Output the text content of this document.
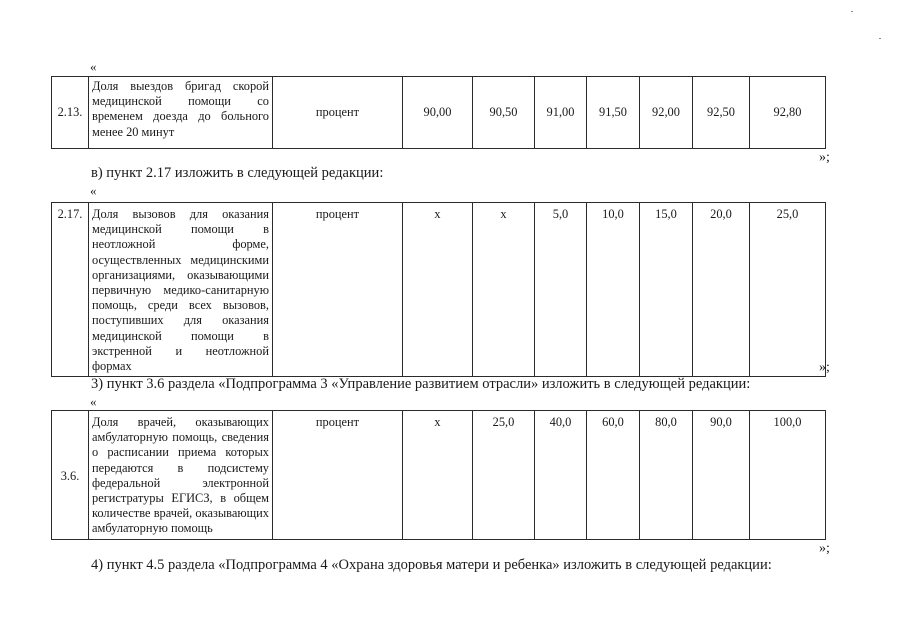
«
2.13.	Доля выездов бригад скорой медицинской помощи со временем доезда до больного менее 20 минут	процент	90,00	90,50	91,00	91,50	92,00	92,50	92,80
»;
в) пункт 2.17 изложить в следующей редакции:
«
2.17.	Доля вызовов для оказания медицинской помощи в неотложной форме, осуществленных медицинскими организациями, оказывающими первичную медико-санитарную помощь, среди всех вызовов, поступивших для оказания медицинской помощи в экстренной и неотложной формах	процент	х	х	5,0	10,0	15,0	20,0	25,0
»;
3) пункт 3.6 раздела «Подпрограмма 3 «Управление развитием отрасли» изложить в следующей редакции:
«
3.6.	Доля врачей, оказывающих амбулаторную помощь, сведения о расписании приема которых передаются в подсистему федеральной электронной регистратуры ЕГИСЗ, в общем количестве врачей, оказывающих амбулаторную помощь	процент	х	25,0	40,0	60,0	80,0	90,0	100,0
»;
4) пункт 4.5 раздела «Подпрограмма 4 «Охрана здоровья матери и ребенка» изложить в следующей редакции:
